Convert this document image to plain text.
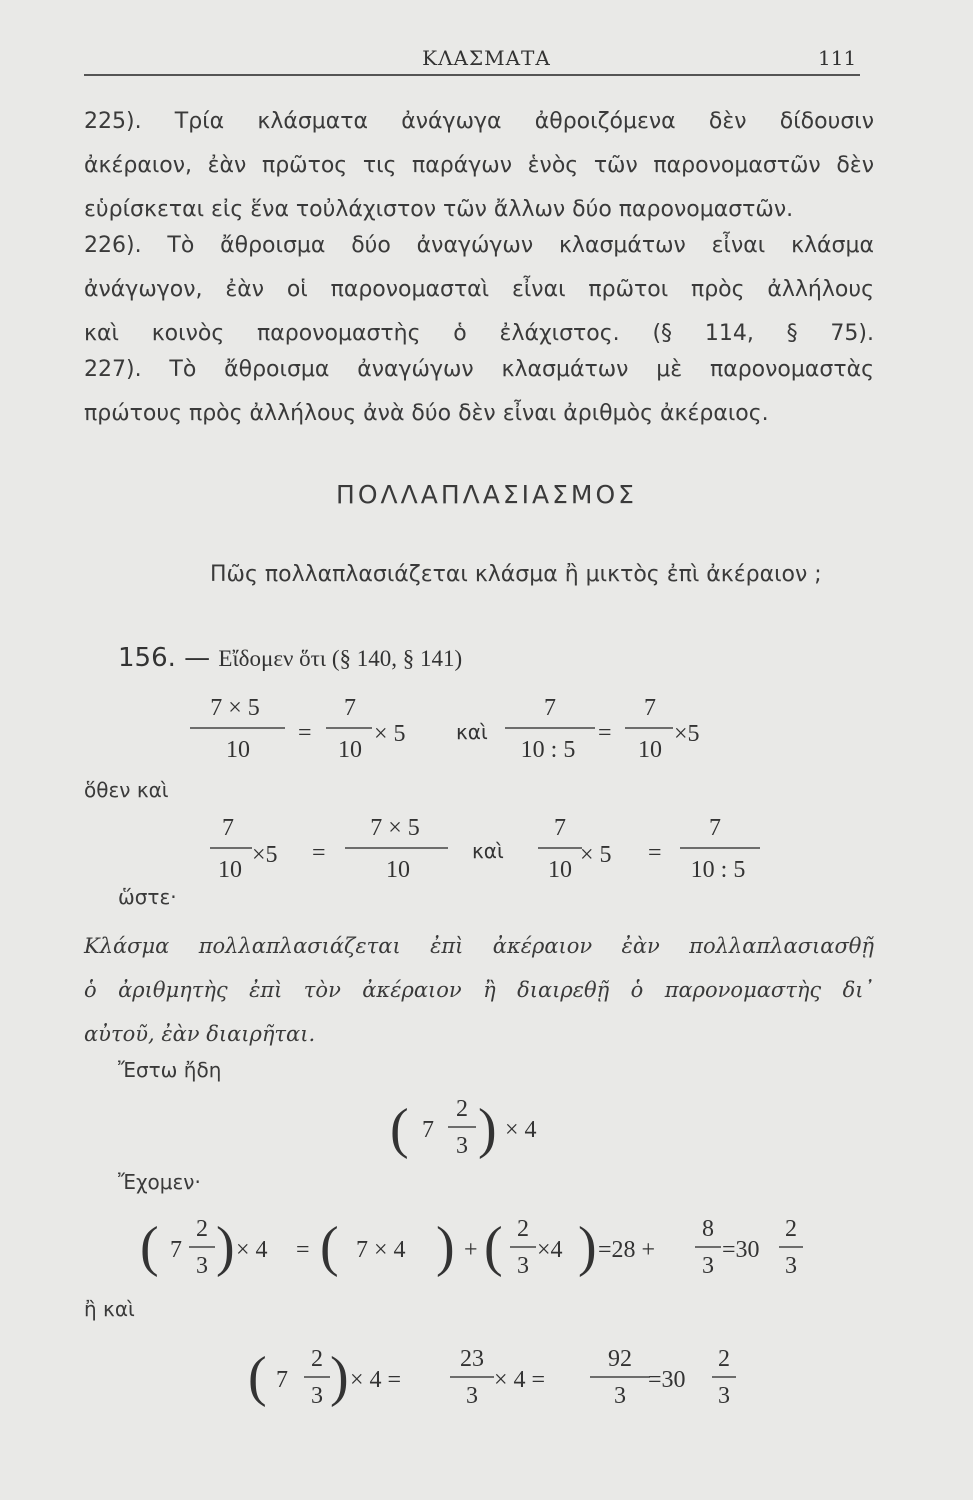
ΚΛΑΣΜΑΤΑ	111
225). Τρία κλάσματα ἀνάγωγα ἀθροιζόμενα δὲν δίδουσιν
ἀκέραιον, ἐὰν πρῶτος τις παράγων ἑνὸς τῶν παρονομαστῶν δὲν
εὑρίσκεται εἰς ἕνα τοὐλάχιστον τῶν ἄλλων δύο παρονομαστῶν.
226). Τὸ ἄθροισμα δύο ἀναγώγων κλασμάτων εἶναι κλάσμα
ἀνάγωγον, ἐὰν οἱ παρονομασταὶ εἶναι πρῶτοι πρὸς ἀλλήλους
καὶ κοινὸς παρονομαστὴς ὁ ἐλάχιστος. (§ 114, § 75).
227). Τὸ ἄθροισμα ἀναγώγων κλασμάτων μὲ παρονομαστὰς
πρώτους πρὸς ἀλλήλους ἀνὰ δύο δὲν εἶναι ἀριθμὸς ἀκέραιος.
ΠΟΛΛΑΠΛΑΣΙΑΣΜΟΣ
Πῶς πολλαπλασιάζεται κλάσμα ἢ μικτὸς ἐπὶ ἀκέραιον ;
156. — Εἴδομεν ὅτι (§ 140, § 141)
ὅθεν καὶ
ὥστε·
Κλάσμα πολλαπλασιάζεται ἐπὶ ἀκέραιον ἐὰν πολλαπλασιασθῇ
ὁ ἀριθμητὴς ἐπὶ τὸν ἀκέραιον ἢ διαιρεθῇ ὁ παρονομαστὴς δι᾽
αὐτοῦ, ἐὰν διαιρῆται.
Ἔστω ἤδη
Ἔχομεν·
ἢ καὶ
7 × 5
10
=
7
10
× 5	καὶ
7
10 : 5
=
7
10
×5
7
10
×5 =
7 × 5
10
καὶ
7
10
× 5 =
7
10 : 5
( 7
2
3 ) × 4
( 7
2
3 ) × 4 = ( 7 × 4 ) + ( 2
3
×4 ) =28 +
8
3
=30
2
3
( 7
2
3 ) × 4 =
23
3
× 4 =
92
3
=30
2
3
